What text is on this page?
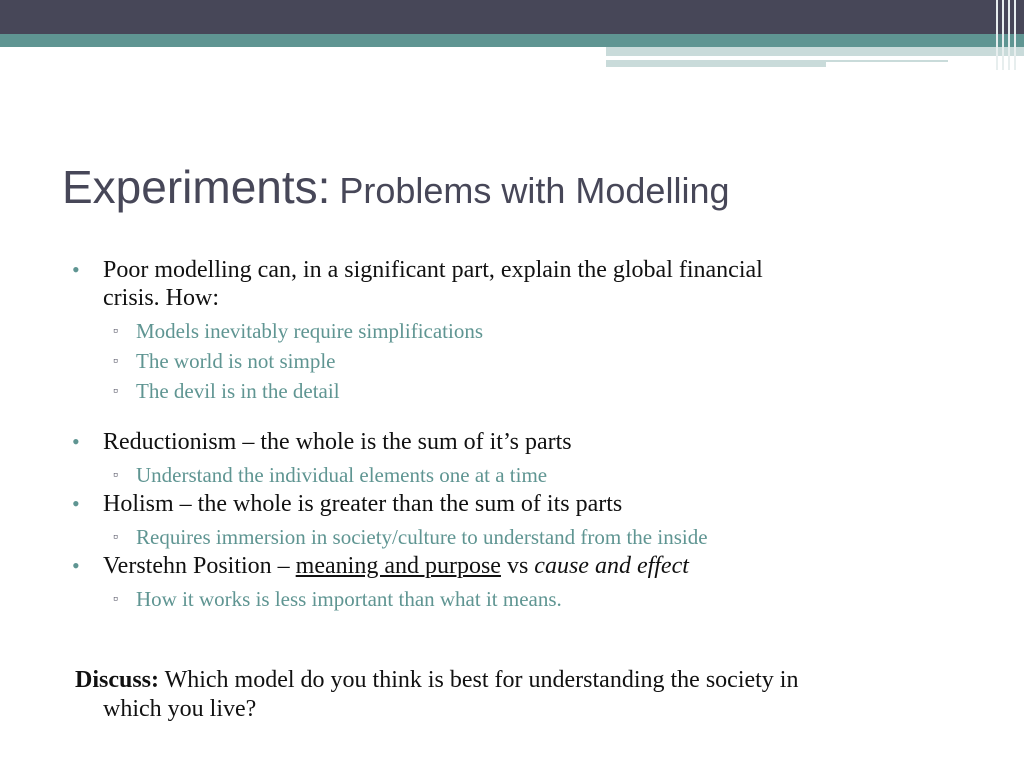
Experiments: Problems with Modelling
• Poor modelling can, in a significant part, explain the global financial
crisis. How:
▫ Models inevitably require simplifications
▫ The world is not simple
▫ The devil is in the detail
• Reductionism – the whole is the sum of it’s parts
▫ Understand the individual elements one at a time
• Holism – the whole is greater than the sum of its parts
▫ Requires immersion in society/culture to understand from the inside
• Verstehn Position – meaning and purpose vs cause and effect
▫ How it works is less important than what it means.
Discuss: Which model do you think is best for understanding the society in
which you live?
